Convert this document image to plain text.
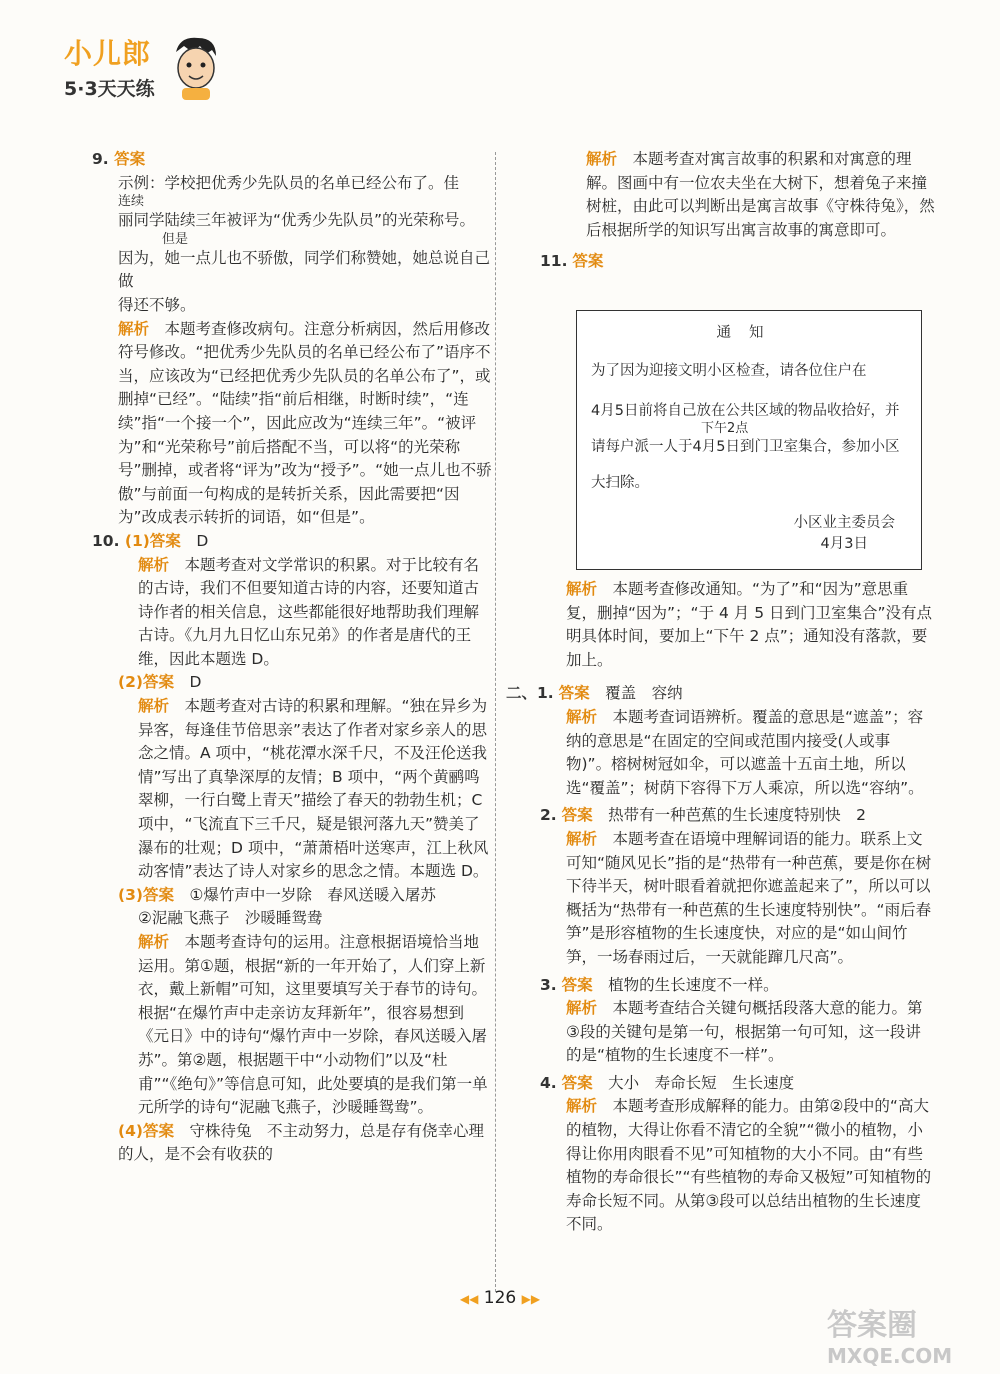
小儿郎
5·3天天练

9. 答案

示例：学校把优秀少先队员的名单已经公布了。佳

连续

丽同学陆续三年被评为“优秀少先队员”的光荣称号。

但是

因为，她一点儿也不骄傲，同学们称赞她，她总说自己做

得还不够。

解析　 本题考查修改病句。注意分析病因，然后用修改符号修改。“把优秀少先队员的名单已经公布了”语序不当，应该改为“已经把优秀少先队员的名单公布了”，或删掉“已经”。“陆续”指“前后相继，时断时续”，“连续”指“一个接一个”，因此应改为“连续三年”。“被评为”和“光荣称号”前后搭配不当，可以将“的光荣称号”删掉，或者将“评为”改为“授予”。“她一点儿也不骄傲”与前面一句构成的是转折关系，因此需要把“因为”改成表示转折的词语，如“但是”。

10. (1)答案　 D

解析　 本题考查对文学常识的积累。对于比较有名的古诗，我们不但要知道古诗的内容，还要知道古诗作者的相关信息，这些都能很好地帮助我们理解古诗。《九月九日忆山东兄弟》的作者是唐代的王维，因此本题选 D。

(2)答案　 D

解析　 本题考查对古诗的积累和理解。“独在异乡为异客，每逢佳节倍思亲”表达了作者对家乡亲人的思念之情。A 项中，“桃花潭水深千尺，不及汪伦送我情”写出了真挚深厚的友情；B 项中，“两个黄鹂鸣翠柳，一行白鹭上青天”描绘了春天的勃勃生机；C 项中，“飞流直下三千尺，疑是银河落九天”赞美了瀑布的壮观；D 项中，“萧萧梧叶送寒声，江上秋风动客情”表达了诗人对家乡的思念之情。本题选 D。

(3)答案　 ①爆竹声中一岁除　春风送暖入屠苏

②泥融飞燕子　沙暖睡鸳鸯

解析　 本题考查诗句的运用。注意根据语境恰当地运用。第①题，根据“新的一年开始了，人们穿上新衣，戴上新帽”可知，这里要填写关于春节的诗句。根据“在爆竹声中走亲访友拜新年”，很容易想到《元日》中的诗句“爆竹声中一岁除，春风送暖入屠苏”。第②题，根据题干中“小动物们”以及“杜甫”“《绝句》”等信息可知，此处要填的是我们第一单元所学的诗句“泥融飞燕子，沙暖睡鸳鸯”。

(4)答案　 守株待兔　不主动努力，总是存有侥幸心理的人，是不会有收获的

解析　 本题考查对寓言故事的积累和对寓意的理解。图画中有一位农夫坐在大树下，想着兔子来撞树桩，由此可以判断出是寓言故事《守株待兔》，然后根据所学的知识写出寓言故事的寓意即可。

11. 答案

通知
为了因为迎接文明小区检查，请各位住户在
4月5日前将自己放在公共区域的物品收拾好，并
下午2点
请每户派一人于4月5日到门卫室集合，参加小区
大扫除。
小区业主委员会
4月3日

解析　 本题考查修改通知。“为了”和“因为”意思重复，删掉“因为”；“于 4 月 5 日到门卫室集合”没有点明具体时间，要加上“下午 2 点”；通知没有落款，要加上。

二、1. 答案　 覆盖　容纳

解析　 本题考查词语辨析。覆盖的意思是“遮盖”；容纳的意思是“在固定的空间或范围内接受(人或事物)”。榕树树冠如伞，可以遮盖十五亩土地，所以选“覆盖”；树荫下容得下万人乘凉，所以选“容纳”。

2. 答案　 热带有一种芭蕉的生长速度特别快　2

解析　 本题考查在语境中理解词语的能力。联系上文可知“随风见长”指的是“热带有一种芭蕉，要是你在树下待半天，树叶眼看着就把你遮盖起来了”，所以可以概括为“热带有一种芭蕉的生长速度特别快”。“雨后春笋”是形容植物的生长速度快，对应的是“如山间竹笋，一场春雨过后，一天就能蹿几尺高”。

3. 答案　 植物的生长速度不一样。

解析　 本题考查结合关键句概括段落大意的能力。第③段的关键句是第一句，根据第一句可知，这一段讲的是“植物的生长速度不一样”。

4. 答案　 大小　寿命长短　生长速度

解析　 本题考查形成解释的能力。由第②段中的“高大的植物，大得让你看不清它的全貌”“微小的植物，小得让你用肉眼看不见”可知植物的大小不同。由“有些植物的寿命很长”“有些植物的寿命又极短”可知植物的寿命长短不同。从第③段可以总结出植物的生长速度不同。

◀◀ 126 ▶▶
答案圈
MXQE.COM
